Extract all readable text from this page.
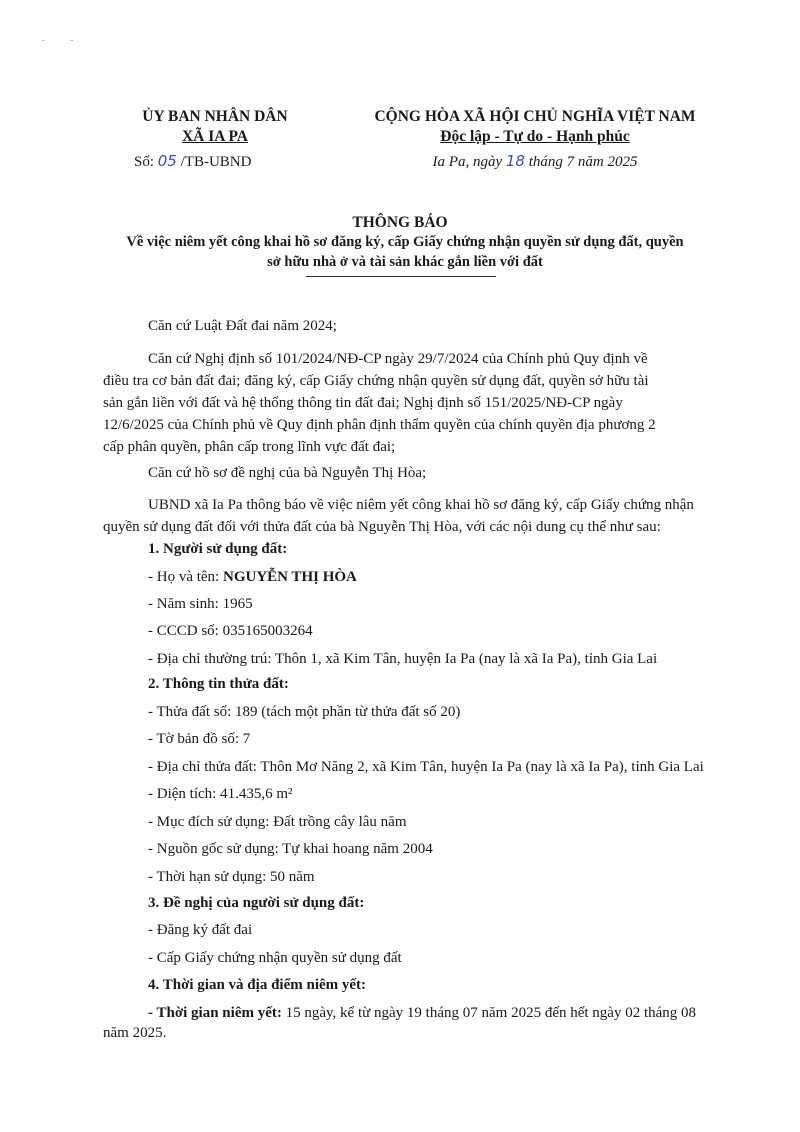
ỦY BAN NHÂN DÂN
XÃ IA PA
Số: 05 /TB-UBND
CỘNG HÒA XÃ HỘI CHỦ NGHĨA VIỆT NAM
Độc lập - Tự do - Hạnh phúc
Ia Pa, ngày 18 tháng 7 năm 2025
THÔNG BÁO
Về việc niêm yết công khai hồ sơ đăng ký, cấp Giấy chứng nhận quyền sử dụng đất, quyền
sở hữu nhà ở và tài sản khác gắn liền với đất
Căn cứ Luật Đất đai năm 2024;
Căn cứ Nghị định số 101/2024/NĐ-CP ngày 29/7/2024 của Chính phủ Quy định về
điều tra cơ bản đất đai; đăng ký, cấp Giấy chứng nhận quyền sử dụng đất, quyền sở hữu tài
sản gắn liền với đất và hệ thống thông tin đất đai; Nghị định số 151/2025/NĐ-CP ngày
12/6/2025 của Chính phủ về Quy định phân định thẩm quyền của chính quyền địa phương 2
cấp phân quyền, phân cấp trong lĩnh vực đất đai;
Căn cứ hồ sơ đề nghị của bà Nguyễn Thị Hòa;
UBND xã Ia Pa thông báo về việc niêm yết công khai hồ sơ đăng ký, cấp Giấy chứng nhận
quyền sử dụng đất đối với thửa đất của bà Nguyễn Thị Hòa, với các nội dung cụ thể như sau:
1. Người sử dụng đất:
- Họ và tên: NGUYỄN THỊ HÒA
- Năm sinh: 1965
- CCCD số: 035165003264
- Địa chỉ thường trú: Thôn 1, xã Kim Tân, huyện Ia Pa (nay là xã Ia Pa), tỉnh Gia Lai
2. Thông tin thửa đất:
- Thửa đất số: 189 (tách một phần từ thửa đất số 20)
- Tờ bản đồ số: 7
- Địa chỉ thửa đất: Thôn Mơ Năng 2, xã Kim Tân, huyện Ia Pa (nay là xã Ia Pa), tỉnh Gia Lai
- Diện tích: 41.435,6 m²
- Mục đích sử dụng: Đất trồng cây lâu năm
- Nguồn gốc sử dụng: Tự khai hoang năm 2004
- Thời hạn sử dụng: 50 năm
3. Đề nghị của người sử dụng đất:
- Đăng ký đất đai
- Cấp Giấy chứng nhận quyền sử dụng đất
4. Thời gian và địa điểm niêm yết:
- Thời gian niêm yết: 15 ngày, kể từ ngày 19 tháng 07 năm 2025 đến hết ngày 02 tháng 08
năm 2025.
